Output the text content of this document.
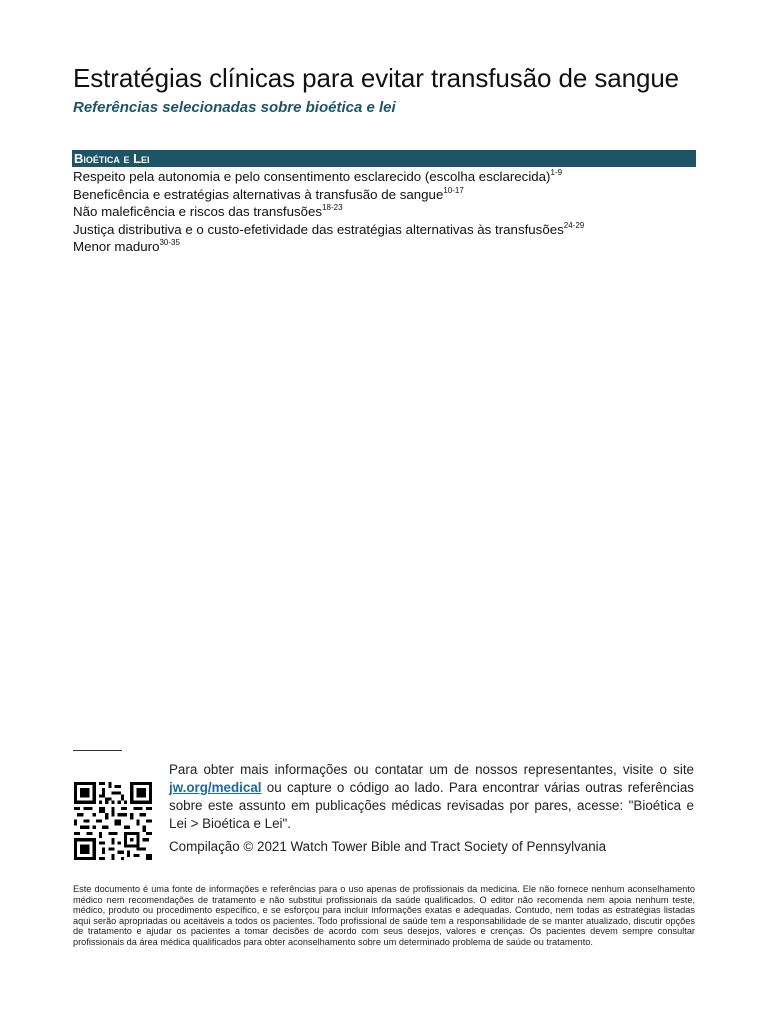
Estratégias clínicas para evitar transfusão de sangue
Referências selecionadas sobre bioética e lei
Bioética e Lei
Respeito pela autonomia e pelo consentimento esclarecido (escolha esclarecida)$^{1-9}$
Beneficência e estratégias alternativas à transfusão de sangue$^{10-17}$
Não maleficência e riscos das transfusões$^{18-23}$
Justiça distributiva e o custo-efetividade das estratégias alternativas às transfusões$^{24-29}$
Menor maduro$^{30-35}$

Para obter mais informações ou contatar um de nossos representantes, visite o site jw.org/medical ou capture o código ao lado. Para encontrar várias outras referências sobre este assunto em publicações médicas revisadas por pares, acesse: "Bioética e Lei > Bioética e Lei".

Compilação © 2021 Watch Tower Bible and Tract Society of Pennsylvania

Este documento é uma fonte de informações e referências para o uso apenas de profissionais da medicina. Ele não fornece nenhum aconselhamento médico nem recomendações de tratamento e não substitui profissionais da saúde qualificados. O editor não recomenda nem apoia nenhum teste, médico, produto ou procedimento específico, e se esforçou para incluir informações exatas e adequadas. Contudo, nem todas as estratégias listadas aqui serão apropriadas ou aceitáveis a todos os pacientes. Todo profissional de saúde tem a responsabilidade de se manter atualizado, discutir opções de tratamento e ajudar os pacientes a tomar decisões de acordo com seus desejos, valores e crenças. Os pacientes devem sempre consultar profissionais da área médica qualificados para obter aconselhamento sobre um determinado problema de saúde ou tratamento.
